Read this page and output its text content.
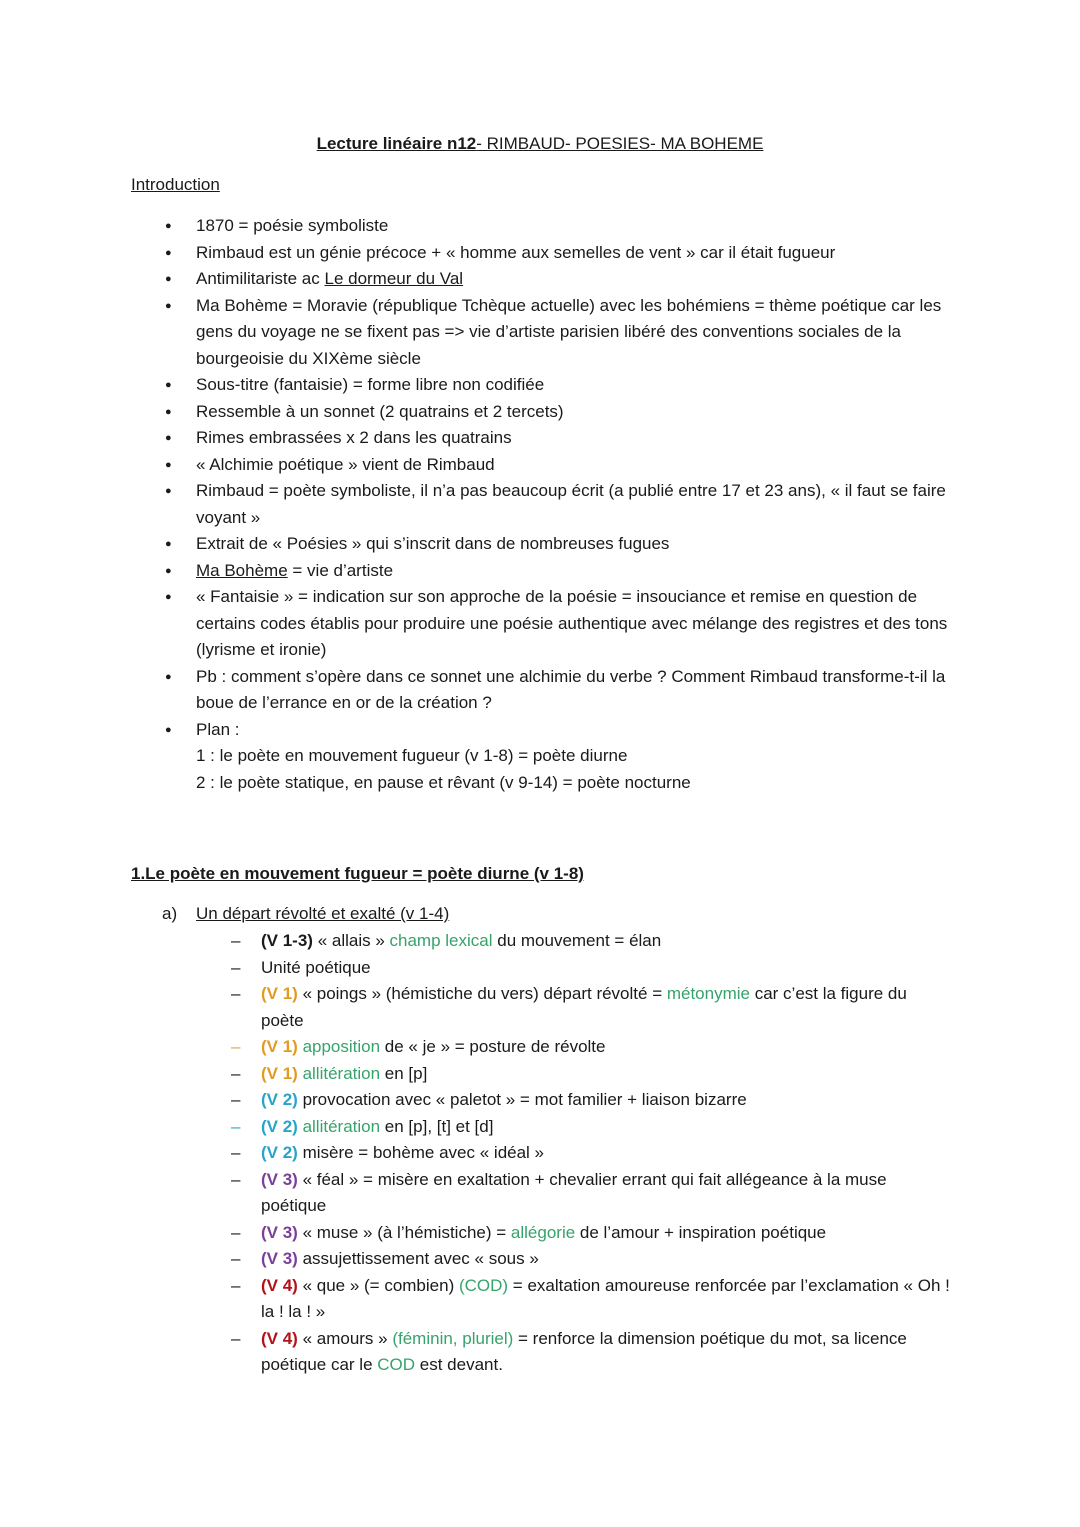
Lecture linéaire n12- RIMBAUD- POESIES- MA BOHEME
Introduction
● 1870 = poésie symboliste
● Rimbaud est un génie précoce + « homme aux semelles de vent » car il était fugueur
● Antimilitariste ac Le dormeur du Val
● Ma Bohème = Moravie (république Tchèque actuelle) avec les bohémiens = thème poétique car les gens du voyage ne se fixent pas => vie d’artiste parisien libéré des conventions sociales de la bourgeoisie du XIXème siècle
● Sous-titre (fantaisie) = forme libre non codifiée
● Ressemble à un sonnet (2 quatrains et 2 tercets)
● Rimes embrassées x 2 dans les quatrains
● « Alchimie poétique » vient de Rimbaud
● Rimbaud = poète symboliste, il n’a pas beaucoup écrit (a publié entre 17 et 23 ans), « il faut se faire voyant »
● Extrait de « Poésies » qui s’inscrit dans de nombreuses fugues
● Ma Bohème = vie d’artiste
● « Fantaisie » = indication sur son approche de la poésie = insouciance et remise en question de certains codes établis pour produire une poésie authentique avec mélange des registres et des tons (lyrisme et ironie)
● Pb : comment s’opère dans ce sonnet une alchimie du verbe ? Comment Rimbaud transforme-t-il la boue de l’errance en or de la création ?
● Plan :
1 : le poète en mouvement fugueur (v 1-8) = poète diurne
2 : le poète statique, en pause et rêvant (v 9-14) = poète nocturne
1.Le poète en mouvement fugueur = poète diurne (v 1-8)
a) Un départ révolté et exalté (v 1-4)
– (V 1-3) « allais » champ lexical du mouvement = élan
– Unité poétique
– (V 1) « poings » (hémistiche du vers) départ révolté = métonymie car c’est la figure du poète
– (V 1) apposition de « je » = posture de révolte
– (V 1) allitération en [p]
– (V 2) provocation avec « paletot » = mot familier + liaison bizarre
– (V 2) allitération en [p], [t] et [d]
– (V 2) misère = bohème avec « idéal »
– (V 3) « féal » = misère en exaltation + chevalier errant qui fait allégeance à la muse poétique
– (V 3) « muse » (à l’hémistiche) = allégorie de l’amour + inspiration poétique
– (V 3) assujettissement avec « sous »
– (V 4) « que » (= combien) (COD) = exaltation amoureuse renforcée par l’exclamation « Oh ! la ! la ! »
– (V 4) « amours » (féminin, pluriel) = renforce la dimension poétique du mot, sa licence poétique car le COD est devant.
